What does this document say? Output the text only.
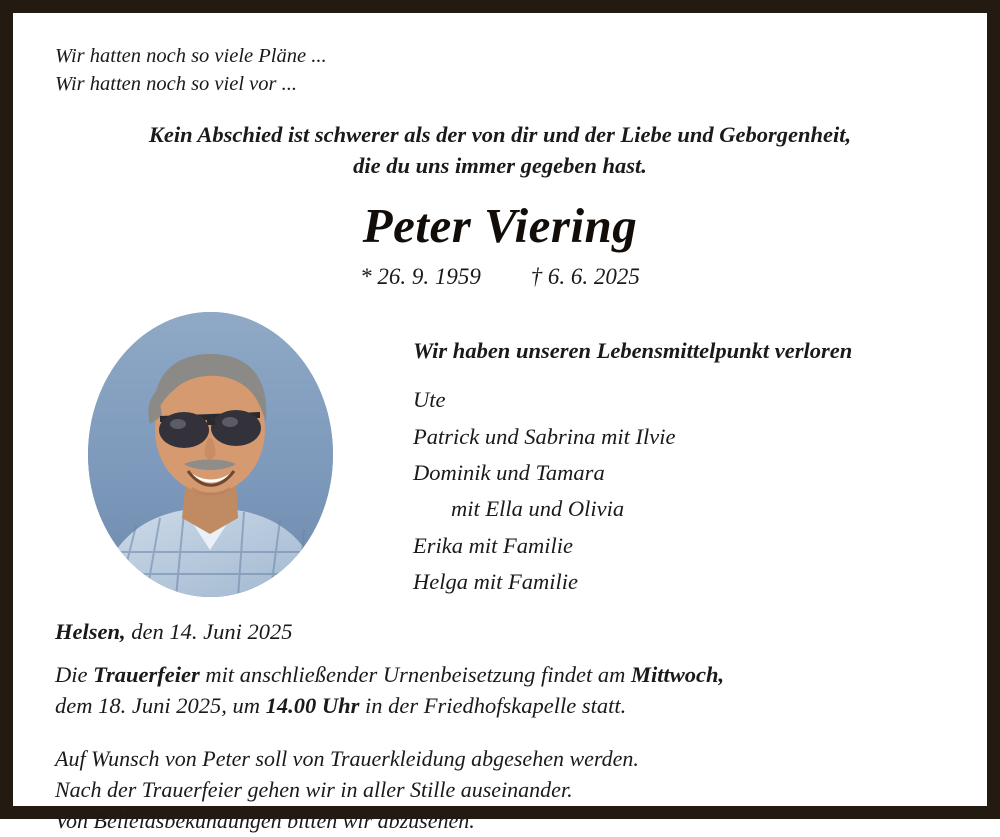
Wir hatten noch so viele Pläne ...
Wir hatten noch so viel vor ...
Kein Abschied ist schwerer als der von dir und der Liebe und Geborgenheit,
die du uns immer gegeben hast.
Peter Viering
* 26. 9. 1959 † 6. 6. 2025
Wir haben unseren Lebensmittelpunkt verloren
Ute
Patrick und Sabrina mit Ilvie
Dominik und Tamara
mit Ella und Olivia
Erika mit Familie
Helga mit Familie
Helsen, den 14. Juni 2025
Die Trauerfeier mit anschließender Urnenbeisetzung findet am Mittwoch,
dem 18. Juni 2025, um 14.00 Uhr in der Friedhofskapelle statt.
Auf Wunsch von Peter soll von Trauerkleidung abgesehen werden.
Nach der Trauerfeier gehen wir in aller Stille auseinander.
Von Beileidsbekundungen bitten wir abzusehen.
